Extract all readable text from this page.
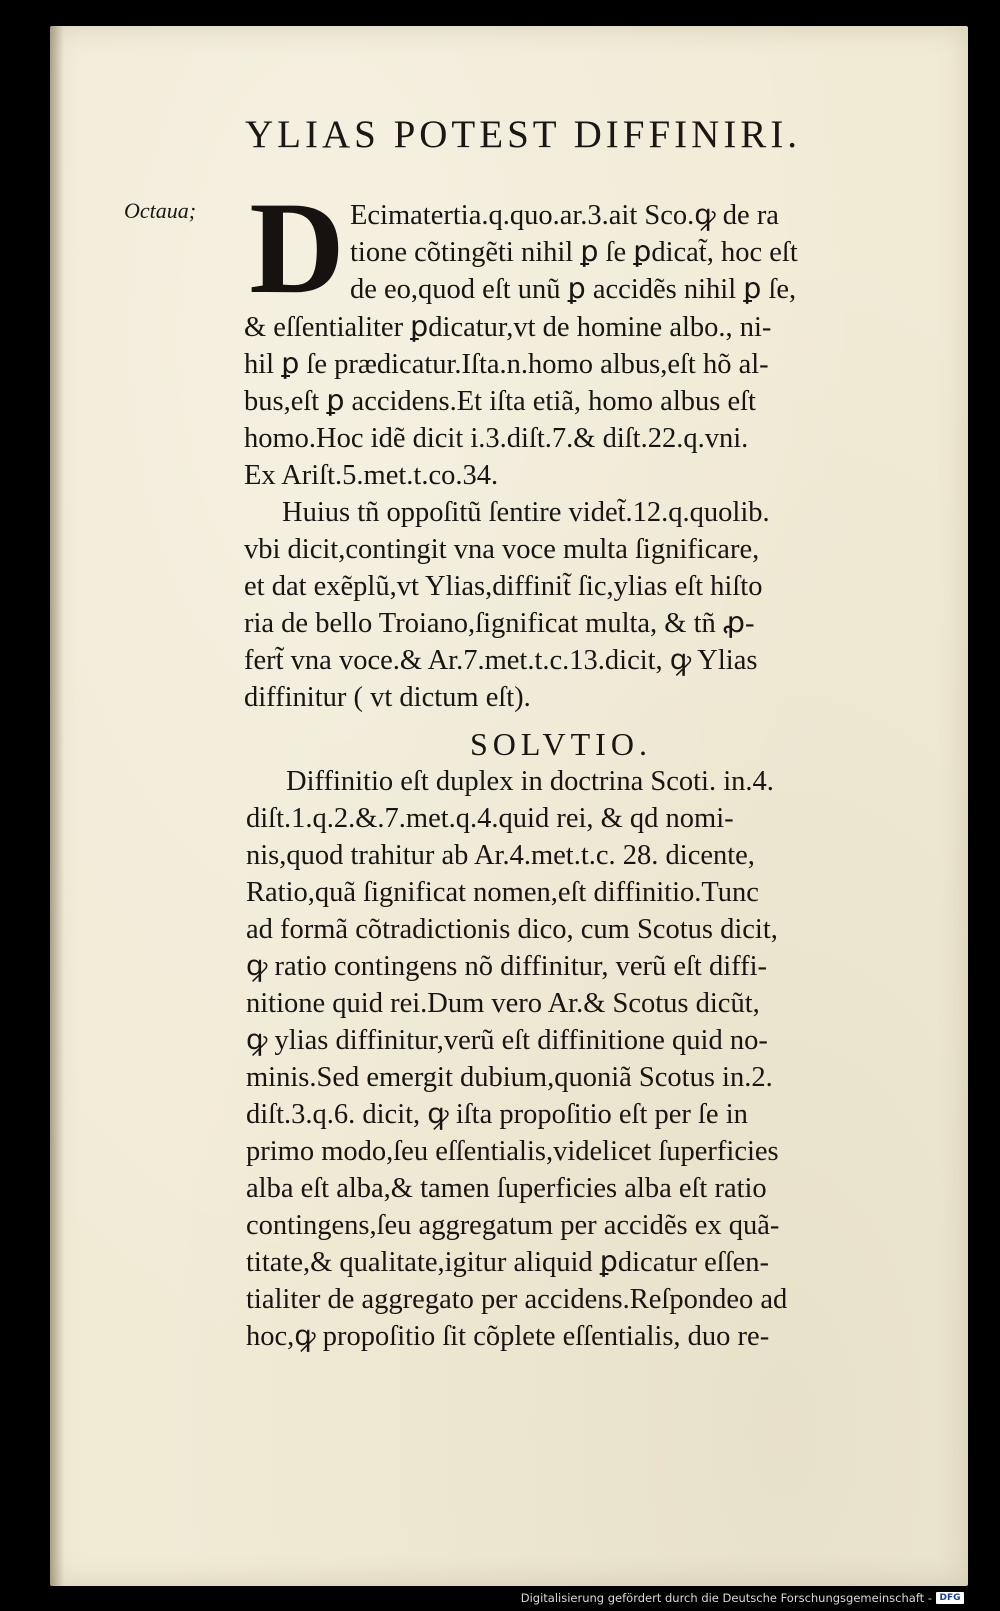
YLIAS POTEST DIFFINIRI.
Octaua; D Ecimatertia.q.quo.ar.3.ait Sco.ꝙ de ra
tione cõtingẽti nihil ꝑ ſe ꝑdicat̃, hoc eſt
de eo,quod eſt unũ ꝑ accidẽs nihil ꝑ ſe,
& eſſentialiter ꝑdicatur,vt de homine albo., ni-
hil ꝑ ſe prædicatur.Iſta.n.homo albus,eſt hõ al-
bus,eſt ꝑ accidens.Et iſta etiã, homo albus eſt
homo.Hoc idẽ dicit i.3.diſt.7.& diſt.22.q.vni.
Ex Ariſt.5.met.t.co.34.
Huius tñ oppoſitũ ſentire videt̃.12.q.quolib.
vbi dicit,contingit vna voce multa ſignificare,
et dat exẽplũ,vt Ylias,diffinit̃ ſic,ylias eſt hiſto
ria de bello Troiano,ſignificat multa, & tñ ꝓ-
fert̃ vna voce.& Ar.7.met.t.c.13.dicit, ꝙ Ylias
diffinitur ( vt dictum eſt).
SOLVTIO.
Diffinitio eſt duplex in doctrina Scoti. in.4.
diſt.1.q.2.&.7.met.q.4.quid rei, & qd nomi-
nis,quod trahitur ab Ar.4.met.t.c. 28. dicente,
Ratio,quã ſignificat nomen,eſt diffinitio.Tunc
ad formã cõtradictionis dico, cum Scotus dicit,
ꝙ ratio contingens nõ diffinitur, verũ eſt diffi-
nitione quid rei.Dum vero Ar.& Scotus dicũt,
ꝙ ylias diffinitur,verũ eſt diffinitione quid no-
minis.Sed emergit dubium,quoniã Scotus in.2.
diſt.3.q.6. dicit, ꝙ iſta propoſitio eſt per ſe in
primo modo,ſeu eſſentialis,videlicet ſuperficies
alba eſt alba,& tamen ſuperficies alba eſt ratio
contingens,ſeu aggregatum per accidẽs ex quã-
titate,& qualitate,igitur aliquid ꝑdicatur eſſen-
tialiter de aggregato per accidens.Reſpondeo ad
hoc,ꝙ propoſitio ſit cõplete eſſentialis, duo re-
Digitalisierung gefördert durch die Deutsche Forschungsgemeinschaft - DFG
